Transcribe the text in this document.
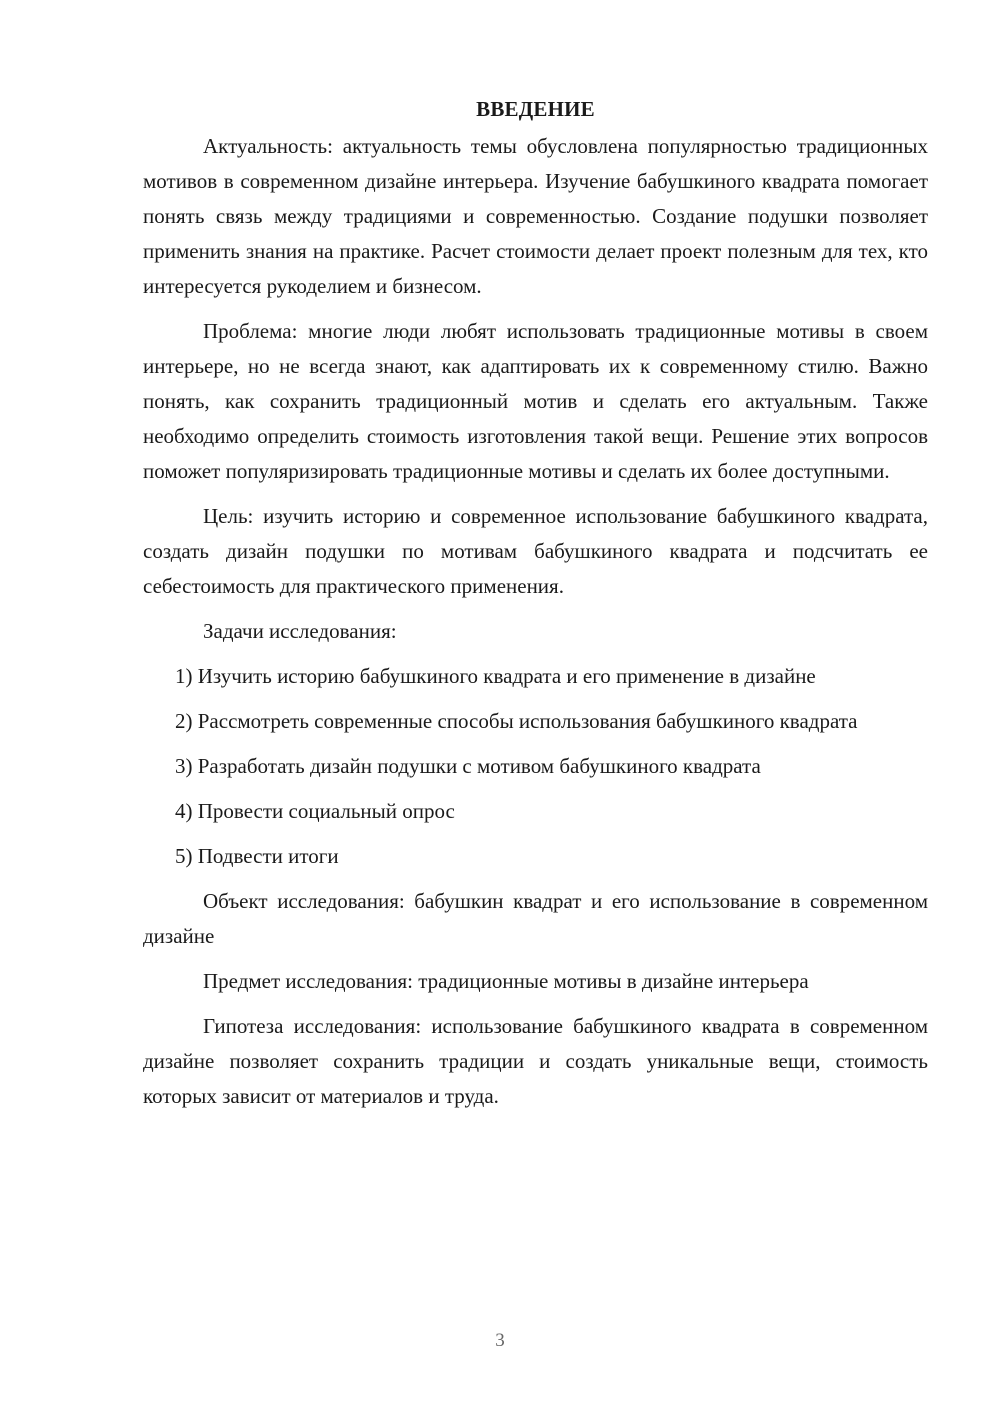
ВВЕДЕНИЕ

Актуальность: актуальность темы обусловлена популярностью традиционных мотивов в современном дизайне интерьера. Изучение бабушкиного квадрата помогает понять связь между традициями и современностью. Создание подушки позволяет применить знания на практике. Расчет стоимости делает проект полезным для тех, кто интересуется рукоделием и бизнесом.

Проблема: многие люди любят использовать традиционные мотивы в своем интерьере, но не всегда знают, как адаптировать их к современному стилю. Важно понять, как сохранить традиционный мотив и сделать его актуальным. Также необходимо определить стоимость изготовления такой вещи. Решение этих вопросов поможет популяризировать традиционные мотивы и сделать их более доступными.

Цель: изучить историю и современное использование бабушкиного квадрата, создать дизайн подушки по мотивам бабушкиного квадрата и подсчитать ее себестоимость для практического применения.

Задачи исследования:

1) Изучить историю бабушкиного квадрата и его применение в дизайне

2) Рассмотреть современные способы использования бабушкиного квадрата

3) Разработать дизайн подушки с мотивом бабушкиного квадрата

4) Провести социальный опрос

5) Подвести итоги

Объект исследования: бабушкин квадрат и его использование в современном дизайне

Предмет исследования: традиционные мотивы в дизайне интерьера

Гипотеза исследования: использование бабушкиного квадрата в современном дизайне позволяет сохранить традиции и создать уникальные вещи, стоимость которых зависит от материалов и труда.

3
